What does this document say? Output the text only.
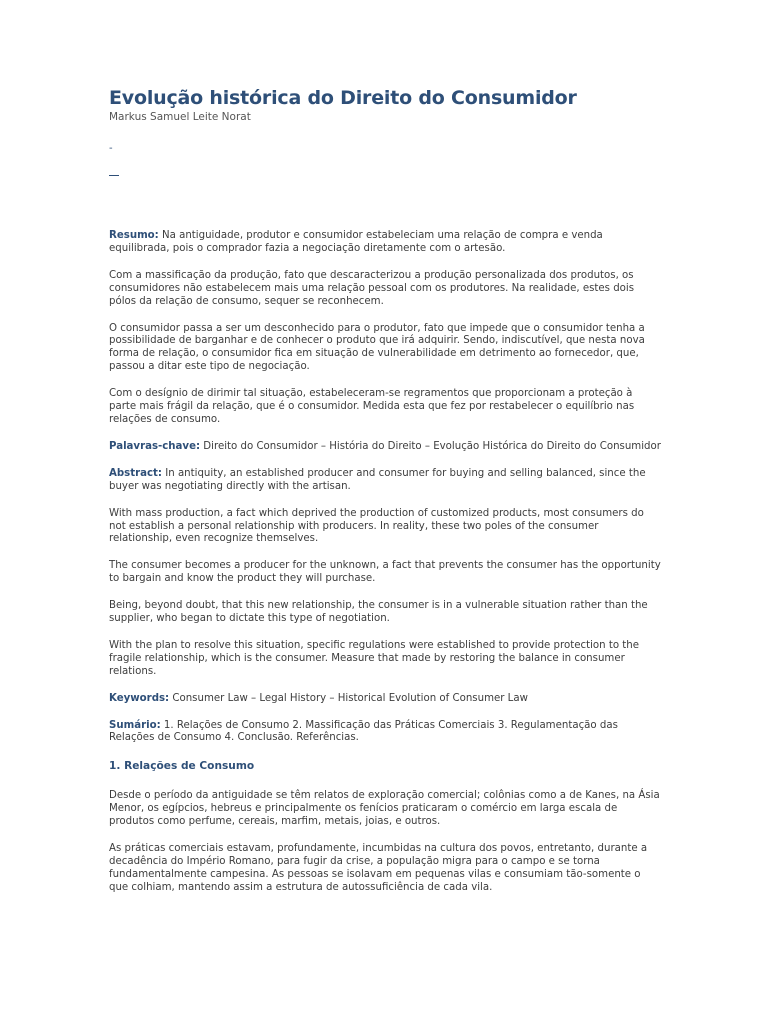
Evolução histórica do Direito do Consumidor
Markus Samuel Leite Norat
-

Resumo: Na antiguidade, produtor e consumidor estabeleciam uma relação de compra e venda equilibrada, pois o comprador fazia a negociação diretamente com o artesão.

Com a massificação da produção, fato que descaracterizou a produção personalizada dos produtos, os consumidores não estabelecem mais uma relação pessoal com os produtores. Na realidade, estes dois pólos da relação de consumo, sequer se reconhecem.

O consumidor passa a ser um desconhecido para o produtor, fato que impede que o consumidor tenha a possibilidade de barganhar e de conhecer o produto que irá adquirir. Sendo, indiscutível, que nesta nova forma de relação, o consumidor fica em situação de vulnerabilidade em detrimento ao fornecedor, que, passou a ditar este tipo de negociação.

Com o desígnio de dirimir tal situação, estabeleceram-se regramentos que proporcionam a proteção à parte mais frágil da relação, que é o consumidor. Medida esta que fez por restabelecer o equilíbrio nas relações de consumo.

Palavras-chave: Direito do Consumidor – História do Direito – Evolução Histórica do Direito do Consumidor

Abstract: In antiquity, an established producer and consumer for buying and selling balanced, since the buyer was negotiating directly with the artisan.

With mass production, a fact which deprived the production of customized products, most consumers do not establish a personal relationship with producers. In reality, these two poles of the consumer relationship, even recognize themselves.

The consumer becomes a producer for the unknown, a fact that prevents the consumer has the opportunity to bargain and know the product they will purchase.

Being, beyond doubt, that this new relationship, the consumer is in a vulnerable situation rather than the supplier, who began to dictate this type of negotiation.

With the plan to resolve this situation, specific regulations were established to provide protection to the fragile relationship, which is the consumer. Measure that made by restoring the balance in consumer relations.

Keywords: Consumer Law – Legal History – Historical Evolution of Consumer Law

Sumário: 1. Relações de Consumo 2. Massificação das Práticas Comerciais 3. Regulamentação das Relações de Consumo 4. Conclusão. Referências.

1. Relações de Consumo

Desde o período da antiguidade se têm relatos de exploração comercial; colônias como a de Kanes, na Ásia Menor, os egípcios, hebreus e principalmente os fenícios praticaram o comércio em larga escala de produtos como perfume, cereais, marfim, metais, joias, e outros.

As práticas comerciais estavam, profundamente, incumbidas na cultura dos povos, entretanto, durante a decadência do Império Romano, para fugir da crise, a população migra para o campo e se torna fundamentalmente campesina. As pessoas se isolavam em pequenas vilas e consumiam tão-somente o que colhiam, mantendo assim a estrutura de autossuficiência de cada vila.
